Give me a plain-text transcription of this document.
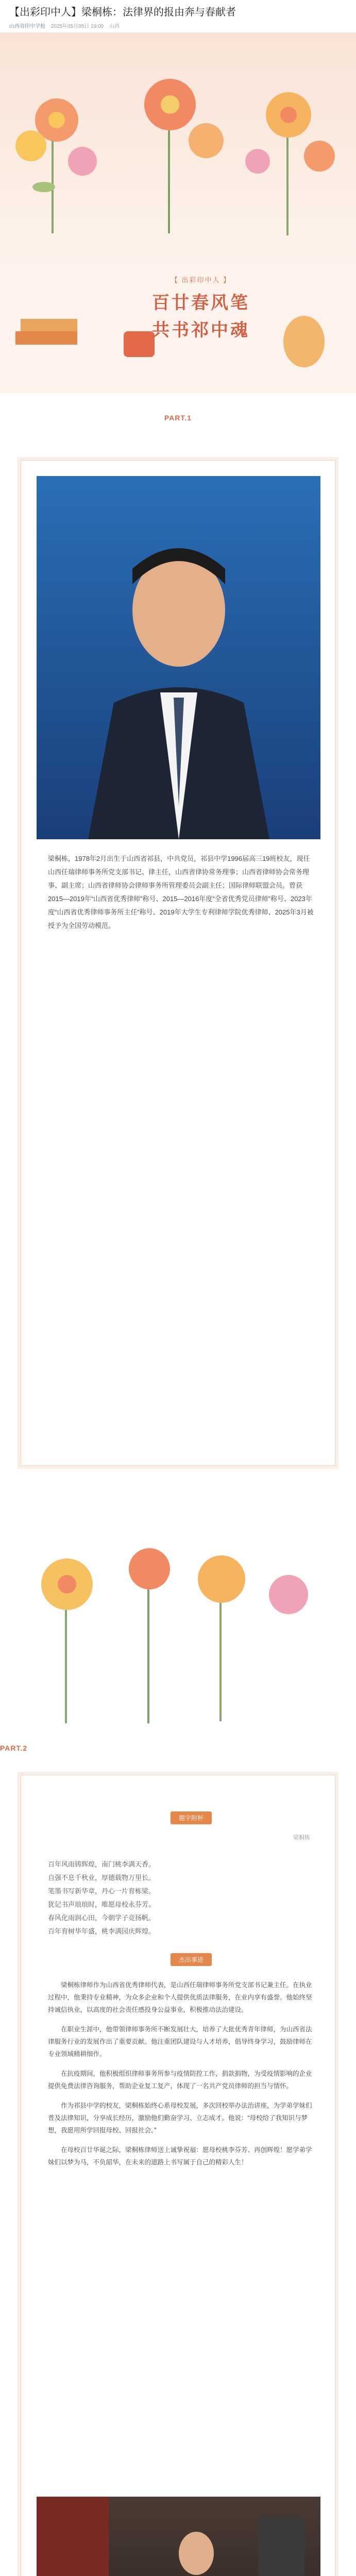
【出彩印中人】梁桐栋：法律界的报由奔与春献者
山西省印中学校 2025年05月05日 19:00 山西
【 出彩印中人 】
百廿春风笔
共书祁中魂
PART.1
梁桐栋，1978年2月出生于山西省祁县，中共党员，祁县中学1996届高三19班校友，现任山西任瑞律师事务所党支部书记、律主任，山西省律协常务理事；山西省律师协会常务理事、副主席；山西省律师协会律师事务所管理委员会副主任；国际律师联盟会员。曾获2015—2019年“山西省优秀律师”称号、2015—2016年度“全省优秀党员律师”称号、2023年度“山西省优秀律师事务所主任”称号、2019年大学生专利律师学院优秀律师、2025年3月被授予为全国劳动模范。
PART.2
题字附杯
梁桐栋
百年风雨铸辉煌，南门桃李满天香。
自强不息千秋业，厚德载物万里长。
笔墨书写新华章，丹心一片育栋梁。
犹记书声琅琅时，唯愿母校永芬芳。
春风化雨润心田，今朝学子竞扬帆。
百年育树华年盛，桃李满园庆辉煌。
杰出事迹

梁桐栋律师作为山西省优秀律师代表，是山西任瑞律师事务所党支部书记兼主任。在执业过程中，他秉持专业精神，为众多企业和个人提供优质法律服务，在业内享有盛誉。他始终坚持诚信执业，以高度的社会责任感投身公益事业，积极推动法治建设。

在职业生涯中，他带领律师事务所不断发展壮大，培养了大批优秀青年律师，为山西省法律服务行业的发展作出了重要贡献。他注重团队建设与人才培养，倡导终身学习，鼓励律师在专业领域精耕细作。

在抗疫期间，他积极组织律师事务所参与疫情防控工作，捐款捐物，为受疫情影响的企业提供免费法律咨询服务，帮助企业复工复产，体现了一名共产党员律师的担当与情怀。

作为祁县中学的校友，梁桐栋始终心系母校发展，多次回校举办法治讲座，为学弟学妹们普及法律知识，分享成长经历，激励他们勤奋学习、立志成才。他说：“母校给了我知识与梦想，我愿用所学回报母校、回报社会。”

在母校百廿华诞之际，梁桐栋律师送上诚挚祝福：愿母校桃李芬芳、再创辉煌！愿学弟学妹们以梦为马，不负韶华，在未来的道路上书写属于自己的精彩人生！
